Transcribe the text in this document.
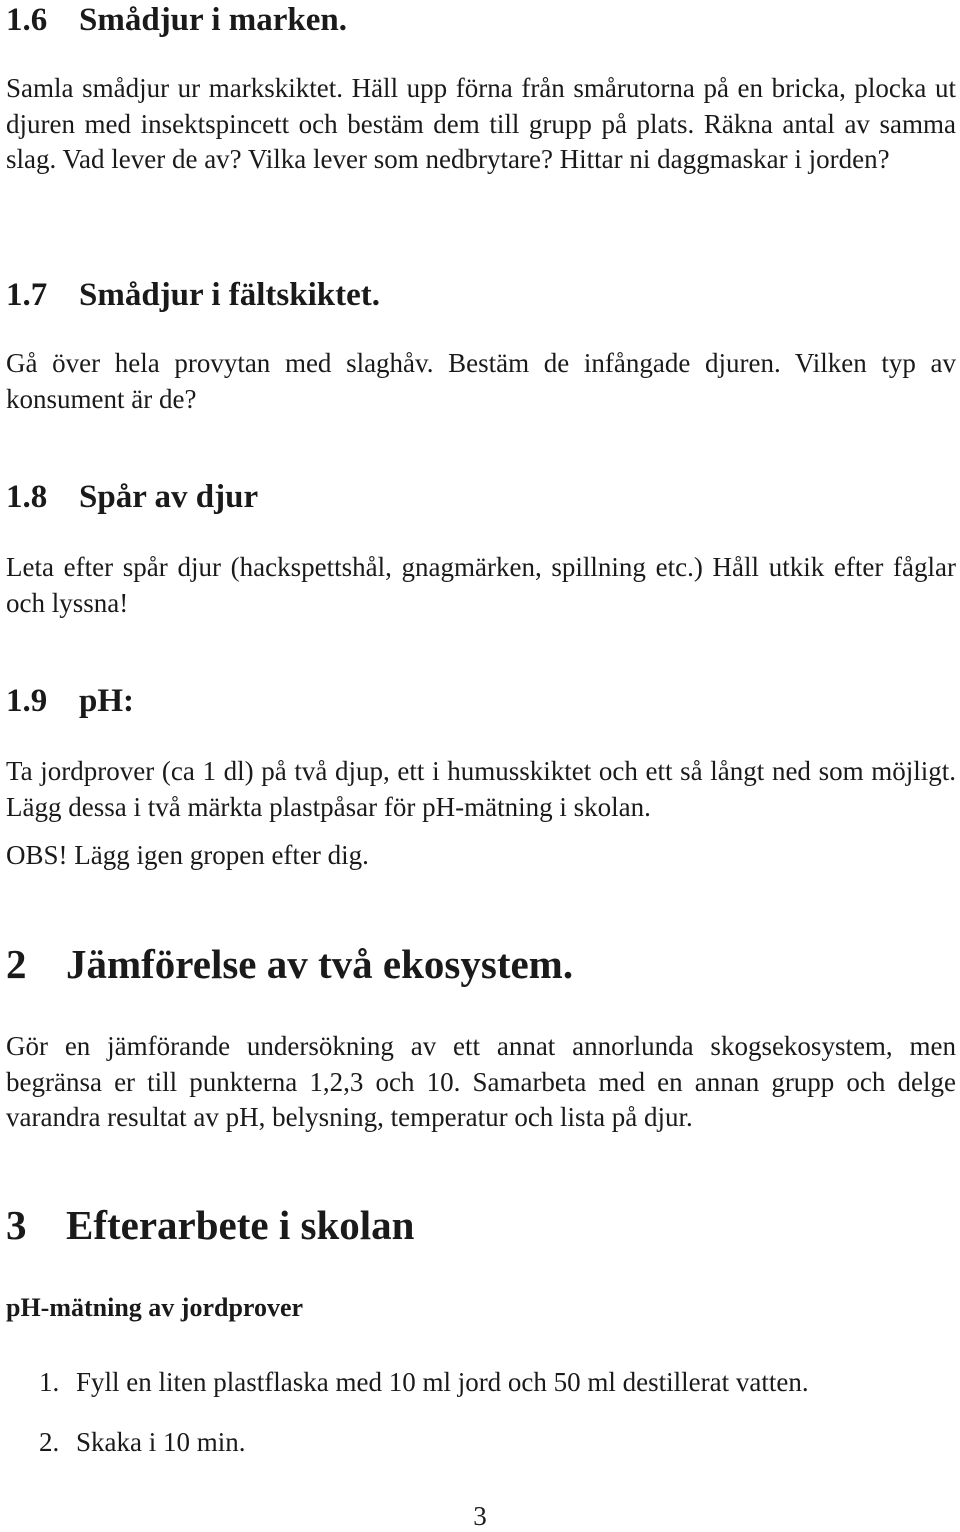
1.6 Smådjur i marken.

Samla smådjur ur markskiktet. Häll upp förna från smårutorna på en bricka, plocka ut djuren med insektspincett och bestäm dem till grupp på plats. Räkna antal av samma slag. Vad lever de av? Vilka lever som nedbrytare? Hittar ni daggmaskar i jorden?

1.7 Smådjur i fältskiktet.

Gå över hela provytan med slaghåv. Bestäm de infångade djuren. Vilken typ av konsument är de?

1.8 Spår av djur

Leta efter spår djur (hackspettshål, gnagmärken, spillning etc.) Håll utkik efter fåglar och lyssna!

1.9 pH:

Ta jordprover (ca 1 dl) på två djup, ett i humusskiktet och ett så långt ned som möjligt. Lägg dessa i två märkta plastpåsar för pH-mätning i skolan.

OBS! Lägg igen gropen efter dig.

2 Jämförelse av två ekosystem.

Gör en jämförande undersökning av ett annat annorlunda skogsekosystem, men begränsa er till punkterna 1,2,3 och 10. Samarbeta med en annan grupp och delge varandra resultat av pH, belysning, temperatur och lista på djur.

3 Efterarbete i skolan
pH-mätning av jordprover
1. Fyll en liten plastflaska med 10 ml jord och 50 ml destillerat vatten.
2. Skaka i 10 min.
3
